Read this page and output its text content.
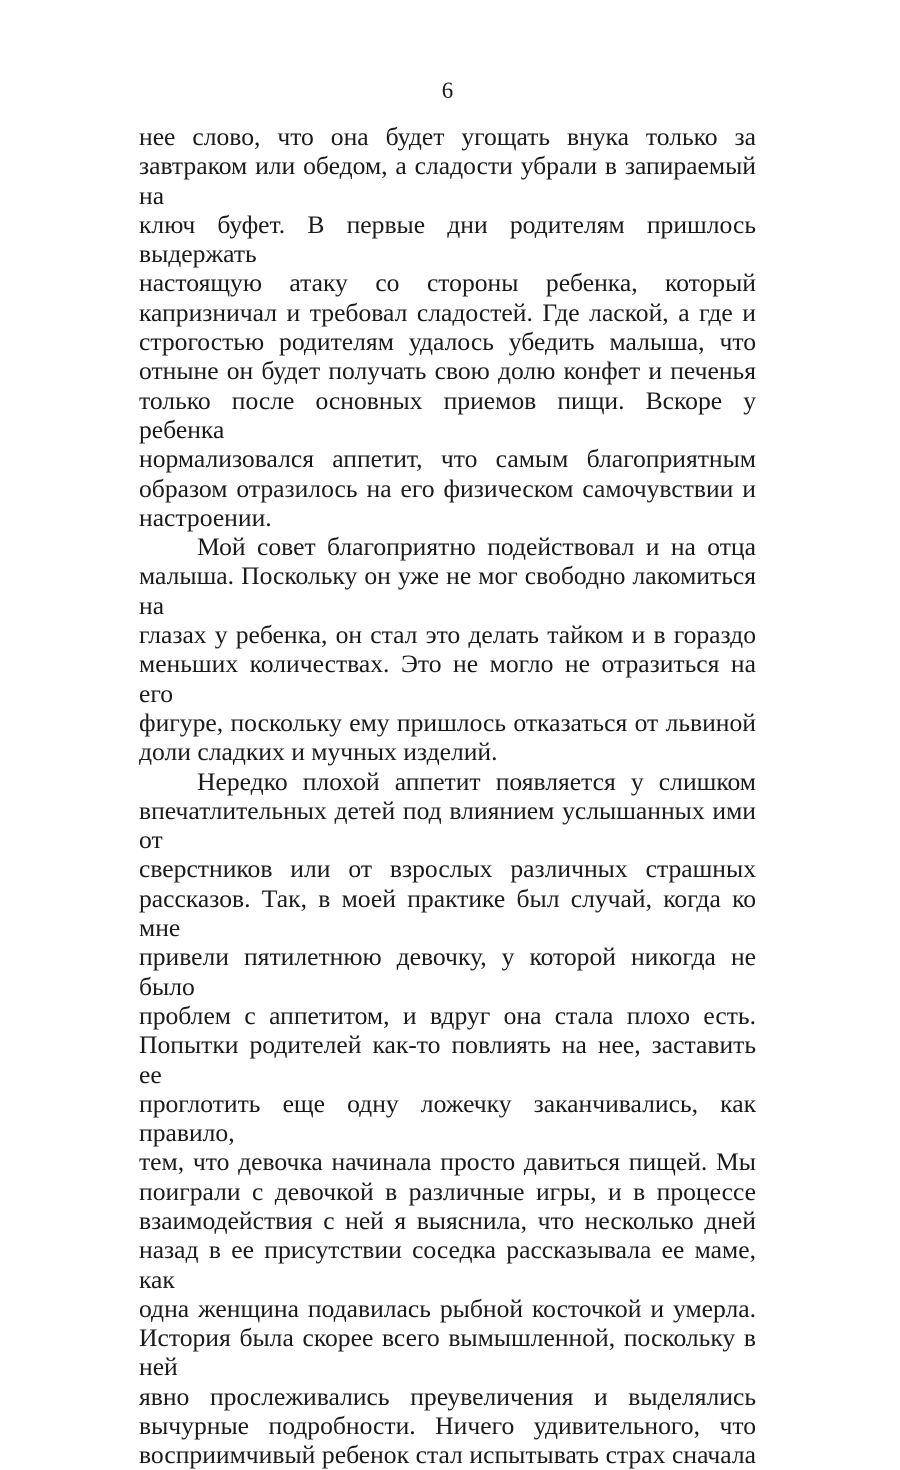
6

нее слово, что она будет угощать внука только за
завтраком или обедом, а сладости убрали в запираемый на
ключ буфет. В первые дни родителям пришлось выдержать
настоящую атаку со стороны ребенка, который
капризничал и требовал сладостей. Где лаской, а где и
строгостью родителям удалось убедить малыша, что
отныне он будет получать свою долю конфет и печенья
только после основных приемов пищи. Вскоре у ребенка
нормализовался аппетит, что самым благоприятным
образом отразилось на его физическом самочувствии и
настроении.

Мой совет благоприятно подействовал и на отца
малыша. Поскольку он уже не мог свободно лакомиться на
глазах у ребенка, он стал это делать тайком и в гораздо
меньших количествах. Это не могло не отразиться на его
фигуре, поскольку ему пришлось отказаться от львиной
доли сладких и мучных изделий.

Нередко плохой аппетит появляется у слишком
впечатлительных детей под влиянием услышанных ими от
сверстников или от взрослых различных страшных
рассказов. Так, в моей практике был случай, когда ко мне
привели пятилетнюю девочку, у которой никогда не было
проблем с аппетитом, и вдруг она стала плохо есть.
Попытки родителей как-то повлиять на нее, заставить ее
проглотить еще одну ложечку заканчивались, как правило,
тем, что девочка начинала просто давиться пищей. Мы
поиграли с девочкой в различные игры, и в процессе
взаимодействия с ней я выяснила, что несколько дней
назад в ее присутствии соседка рассказывала ее маме, как
одна женщина подавилась рыбной косточкой и умерла.
История была скорее всего вымышленной, поскольку в ней
явно прослеживались преувеличения и выделялись
вычурные подробности. Ничего удивительного, что
восприимчивый ребенок стал испытывать страх сначала
